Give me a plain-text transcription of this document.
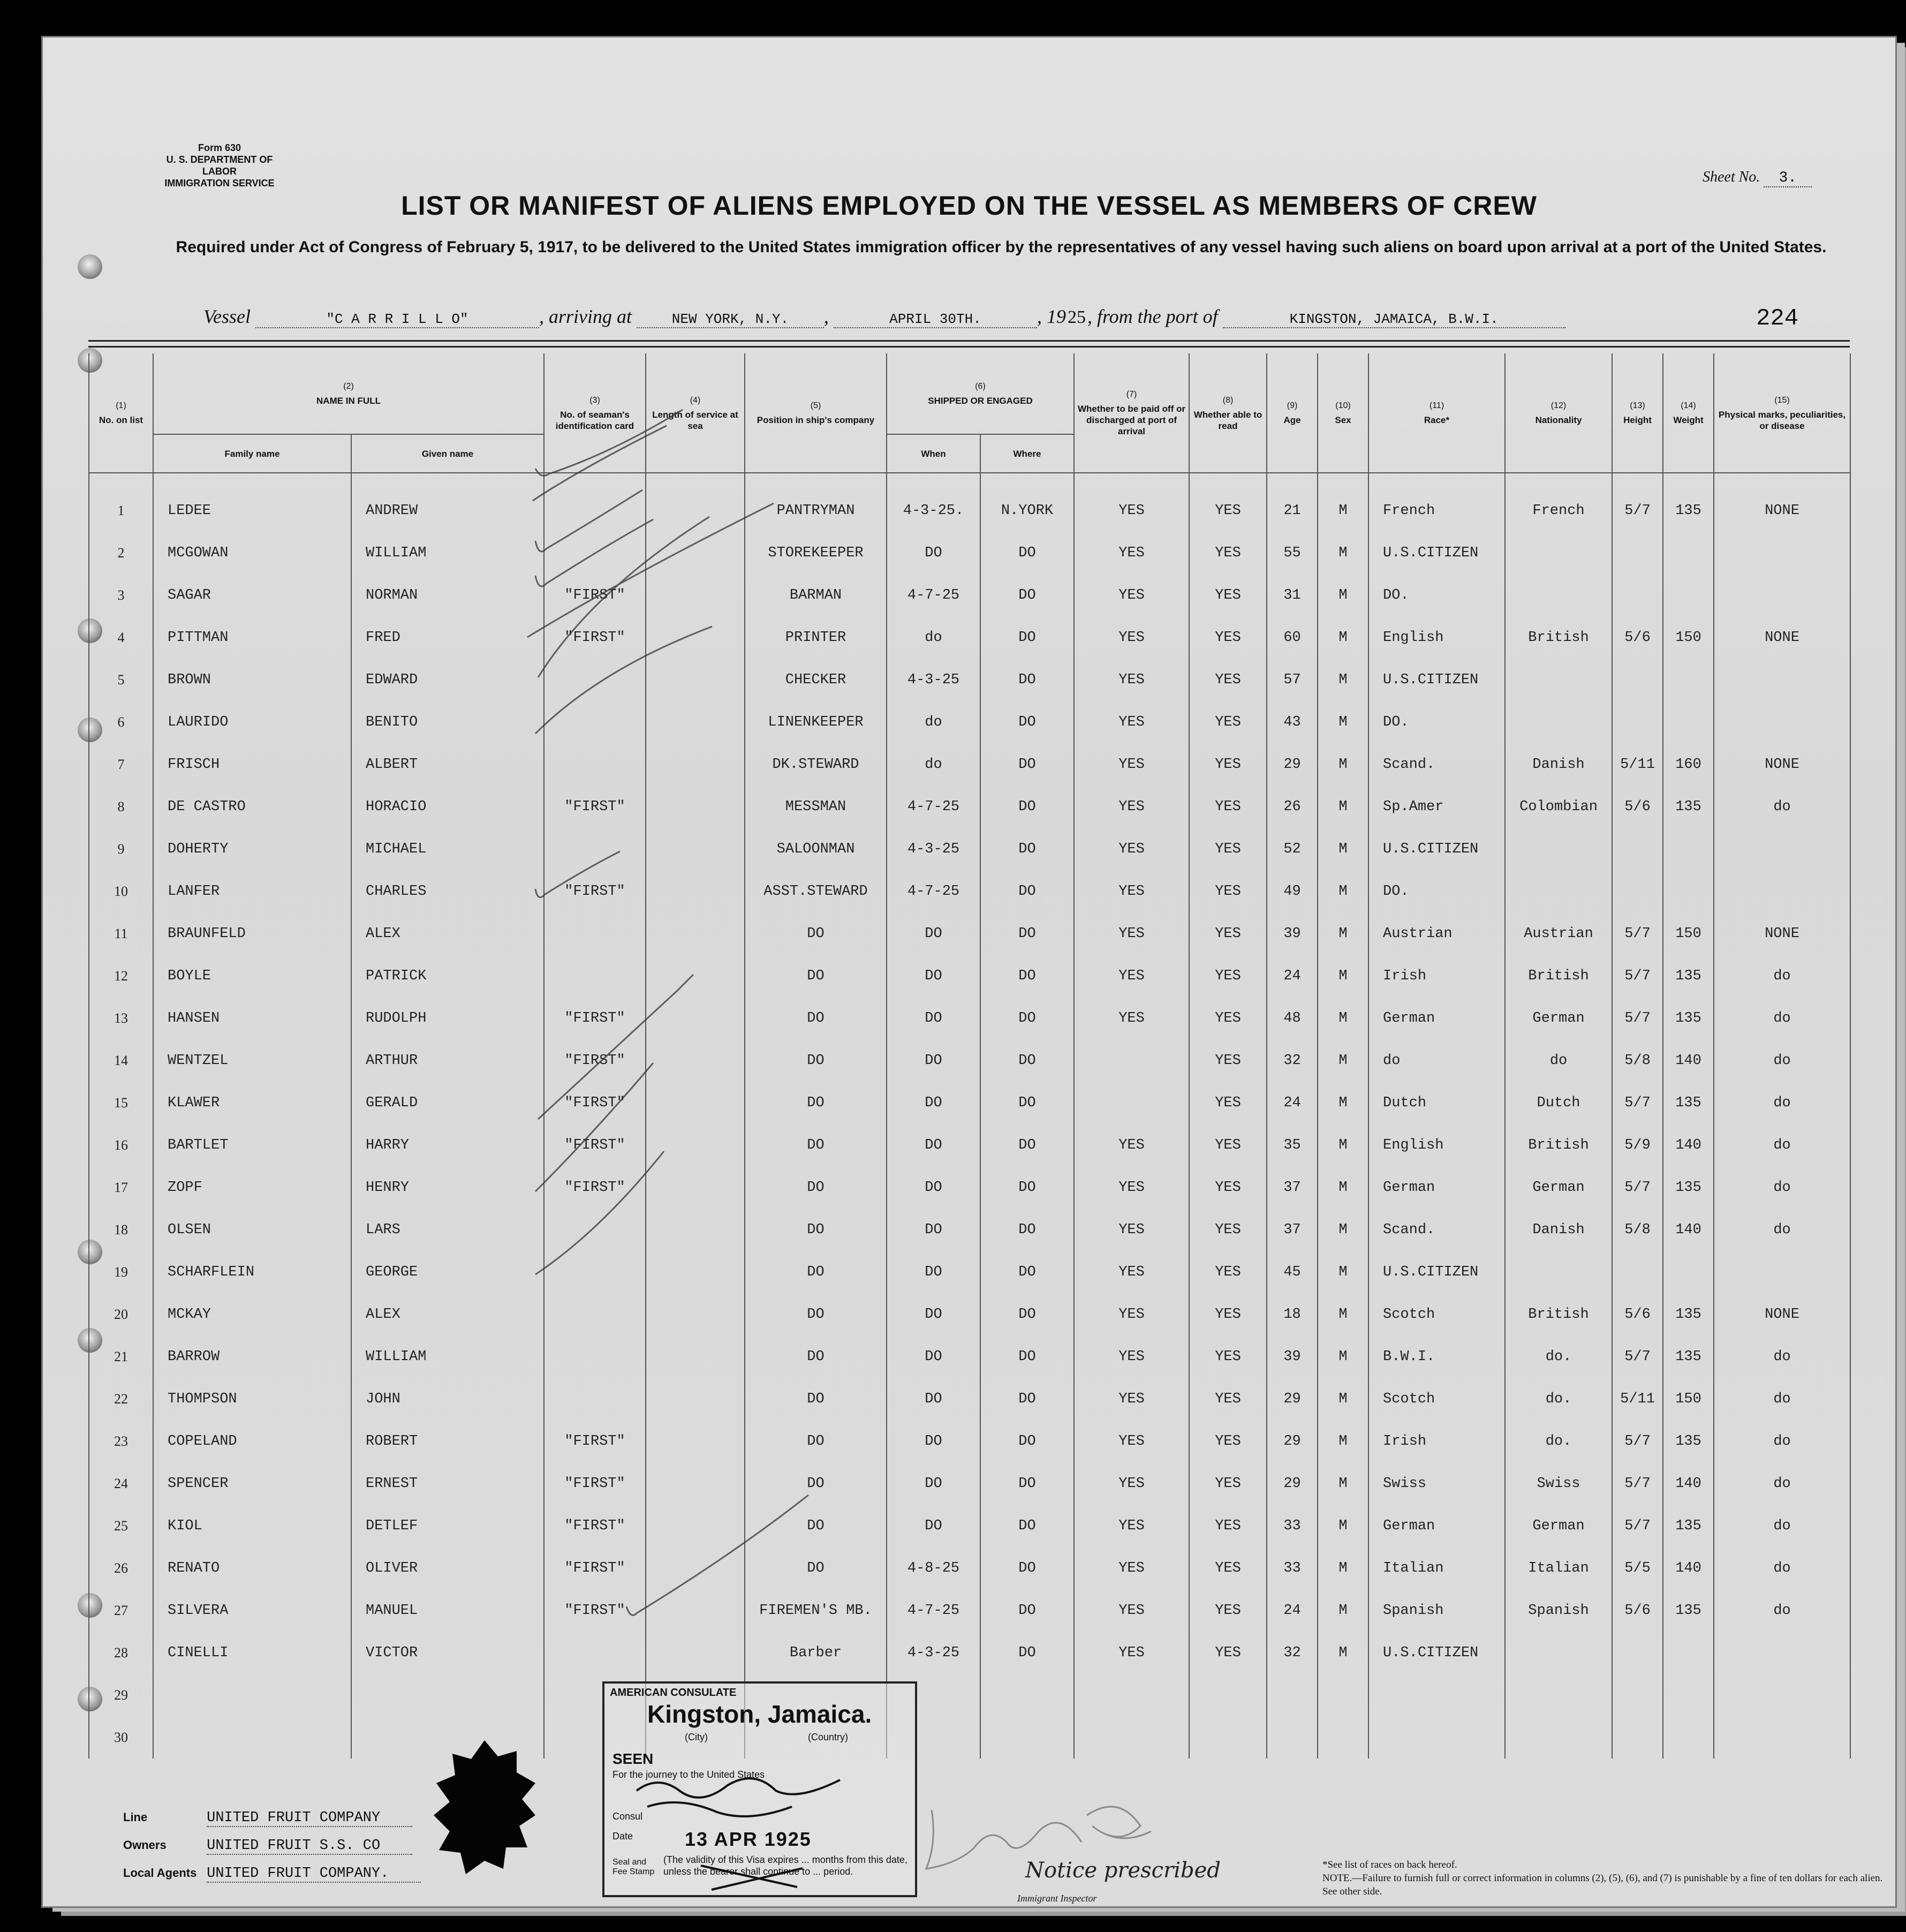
Form 630
U. S. DEPARTMENT OF LABOR
IMMIGRATION SERVICE	Sheet No. 3.
LIST OR MANIFEST OF ALIENS EMPLOYED ON THE VESSEL AS MEMBERS OF CREW
Required under Act of Congress of February 5, 1917, to be delivered to the United States immigration officer by the representatives of any vessel having such aliens on board upon arrival at a port of the United States.
Vessel	"C A R R I L L O"	, arriving at	NEW YORK, N.Y. ,	APRIL 30TH.	, 1925, from the port of	KINGSTON, JAMAICA, B.W.I.	224
(1)
No. on list	(2)
NAME IN FULL		(3)
No. of seaman's identification card	(4)
Length of service at sea	(5)
Position in ship's company	(6)
SHIPPED OR ENGAGED		(7)
Whether to be paid off or discharged at port of arrival	(8)
Whether able to read	(9)
Age	(10)
Sex	(11)
Race*	(12)
Nationality	(13)
Height	(14)
Weight	(15)
Physical marks, peculiarities, or disease
	Family name	Given name				When	Where									

1	LEDEE	ANDREW			PANTRYMAN	4-3-25.	N.YORK	YES	YES	21	M	French	French	5/7	135	NONE
2	MCGOWAN	WILLIAM			STOREKEEPER	DO	DO	YES	YES	55	M	U.S.CITIZEN				
3	SAGAR	NORMAN	"FIRST"		BARMAN	4-7-25	DO	YES	YES	31	M	DO.				
4	PITTMAN	FRED	"FIRST"		PRINTER	do	DO	YES	YES	60	M	English	British	5/6	150	NONE
5	BROWN	EDWARD			CHECKER	4-3-25	DO	YES	YES	57	M	U.S.CITIZEN				
6	LAURIDO	BENITO			LINENKEEPER	do	DO	YES	YES	43	M	DO.				
7	FRISCH	ALBERT			DK.STEWARD	do	DO	YES	YES	29	M	Scand.	Danish	5/11	160	NONE
8	DE CASTRO	HORACIO	"FIRST"		MESSMAN	4-7-25	DO	YES	YES	26	M	Sp.Amer	Colombian	5/6	135	do
9	DOHERTY	MICHAEL			SALOONMAN	4-3-25	DO	YES	YES	52	M	U.S.CITIZEN				
10	LANFER	CHARLES	"FIRST"		ASST.STEWARD	4-7-25	DO	YES	YES	49	M	DO.				
11	BRAUNFELD	ALEX			DO	DO	DO	YES	YES	39	M	Austrian	Austrian	5/7	150	NONE
12	BOYLE	PATRICK			DO	DO	DO	YES	YES	24	M	Irish	British	5/7	135	do
13	HANSEN	RUDOLPH	"FIRST"		DO	DO	DO	YES	YES	48	M	German	German	5/7	135	do
14	WENTZEL	ARTHUR	"FIRST"		DO	DO	DO		YES	32	M	do	do	5/8	140	do
15	KLAWER	GERALD	"FIRST"		DO	DO	DO		YES	24	M	Dutch	Dutch	5/7	135	do
16	BARTLET	HARRY	"FIRST"		DO	DO	DO	YES	YES	35	M	English	British	5/9	140	do
17	ZOPF	HENRY	"FIRST"		DO	DO	DO	YES	YES	37	M	German	German	5/7	135	do
18	OLSEN	LARS			DO	DO	DO	YES	YES	37	M	Scand.	Danish	5/8	140	do
19	SCHARFLEIN	GEORGE			DO	DO	DO	YES	YES	45	M	U.S.CITIZEN				
20	MCKAY	ALEX			DO	DO	DO	YES	YES	18	M	Scotch	British	5/6	135	NONE
21	BARROW	WILLIAM			DO	DO	DO	YES	YES	39	M	B.W.I.	do.	5/7	135	do
22	THOMPSON	JOHN			DO	DO	DO	YES	YES	29	M	Scotch	do.	5/11	150	do
23	COPELAND	ROBERT	"FIRST"		DO	DO	DO	YES	YES	29	M	Irish	do.	5/7	135	do
24	SPENCER	ERNEST	"FIRST"		DO	DO	DO	YES	YES	29	M	Swiss	Swiss	5/7	140	do
25	KIOL	DETLEF	"FIRST"		DO	DO	DO	YES	YES	33	M	German	German	5/7	135	do
26	RENATO	OLIVER	"FIRST"		DO	4-8-25	DO	YES	YES	33	M	Italian	Italian	5/5	140	do
27	SILVERA	MANUEL	"FIRST"		FIREMEN'S MB.	4-7-25	DO	YES	YES	24	M	Spanish	Spanish	5/6	135	do
28	CINELLI	VICTOR			Barber	4-3-25	DO	YES	YES	32	M	U.S.CITIZEN				
29																
30																
AMERICAN CONSULATE
Kingston, Jamaica.
(City)	(Country)
SEEN
For the journey to the United States
Consul
Date	13 APR 1925
Seal and Fee Stamp
(The validity of this Visa expires ... months from this date, unless the bearer shall continue to ... period.	Notice prescribed
Immigrant Inspector
Line	UNITED FRUIT COMPANY
Owners	UNITED FRUIT S.S. CO
Local Agents UNITED FRUIT COMPANY.
*See list of races on back hereof.
NOTE.—Failure to furnish full or correct information in columns (2), (5), (6), and (7) is punishable by a fine of ten dollars for each alien. See other side.
